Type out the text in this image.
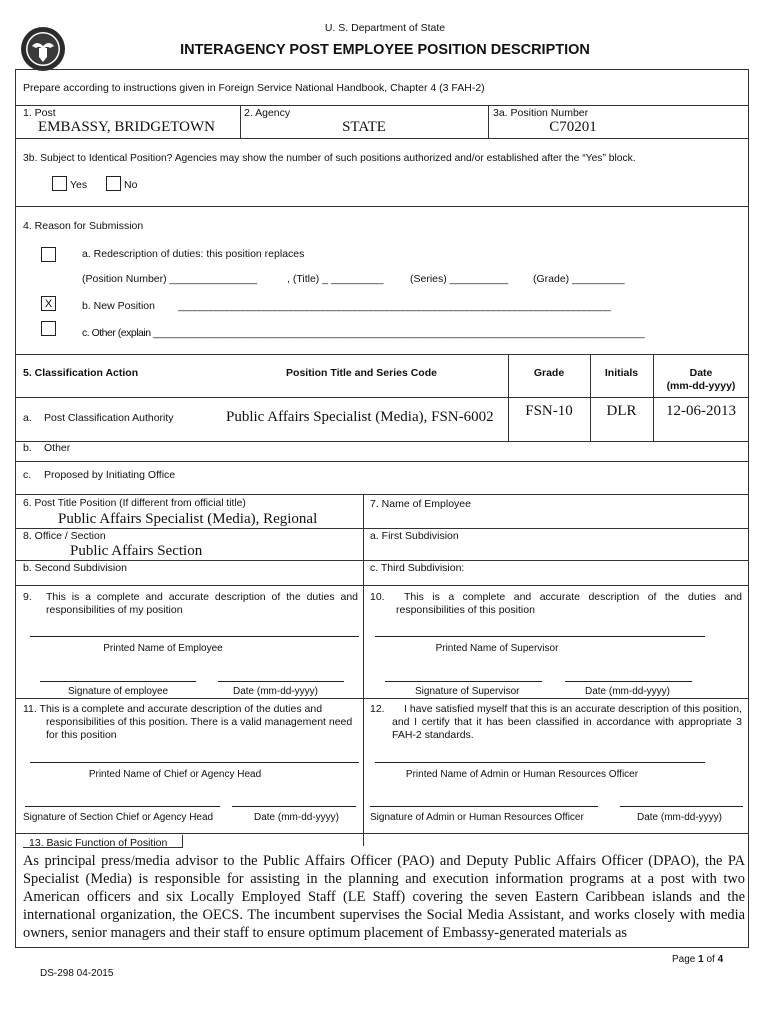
U. S. Department of State
INTERAGENCY POST EMPLOYEE POSITION DESCRIPTION
Prepare according to instructions given in Foreign Service National Handbook, Chapter 4 (3 FAH-2)
1. Post
EMBASSY, BRIDGETOWN
2. Agency
STATE
3a. Position Number
C70201
3b. Subject to Identical Position? Agencies may show the number of such positions authorized and/or established after the “Yes” block.
Yes	No
4. Reason for Submission
a. Redescription of duties: this position replaces
(Position Number) _______________	, (Title) _ _________	(Series) __________ (Grade) _________
X	b. New Position _________________________________________________________________________________
c. Other (explain ____________________________________________________________________________________________
5. Classification Action	Position Title and Series Code	Grade	Initials	Date
(mm-dd-yyyy)
a. Post Classification Authority	Public Affairs Specialist (Media), FSN-6002	FSN-10	DLR	12-06-2013
b. Other
c. Proposed by Initiating Office
6. Post Title Position (If different from official title)
Public Affairs Specialist (Media), Regional
7. Name of Employee
8. Office / Section
Public Affairs Section
a. First Subdivision
b. Second Subdivision	c. Third Subdivision:
9. This is a complete and accurate description of the duties and responsibilities of my position
10.	This is a complete and accurate description of the duties and responsibilities of this position
Printed Name of Employee	Printed Name of Supervisor
Signature of employee	Date (mm-dd-yyyy)	Signature of Supervisor	Date (mm-dd-yyyy)
11. This is a complete and accurate description of the duties and responsibilities of this position. There is a valid management need for this position
12.	I have satisfied myself that this is an accurate description of this position, and I certify that it has been classified in accordance with appropriate 3 FAH-2 standards.
Printed Name of Chief or Agency Head	Printed Name of Admin or Human Resources Officer
Signature of Section Chief or Agency Head	Date (mm-dd-yyyy)	Signature of Admin or Human Resources Officer	Date (mm-dd-yyyy)
13. Basic Function of Position
As principal press/media advisor to the Public Affairs Officer (PAO) and Deputy Public Affairs Officer (DPAO), the PA Specialist (Media) is responsible for assisting in the planning and execution information programs at a post with two American officers and six Locally Employed Staff (LE Staff) covering the seven Eastern Caribbean islands and the international organization, the OECS. The incumbent supervises the Social Media Assistant, and works closely with media owners, senior managers and their staff to ensure optimum placement of Embassy-generated materials as
Page 1 of 4
DS-298 04-2015
